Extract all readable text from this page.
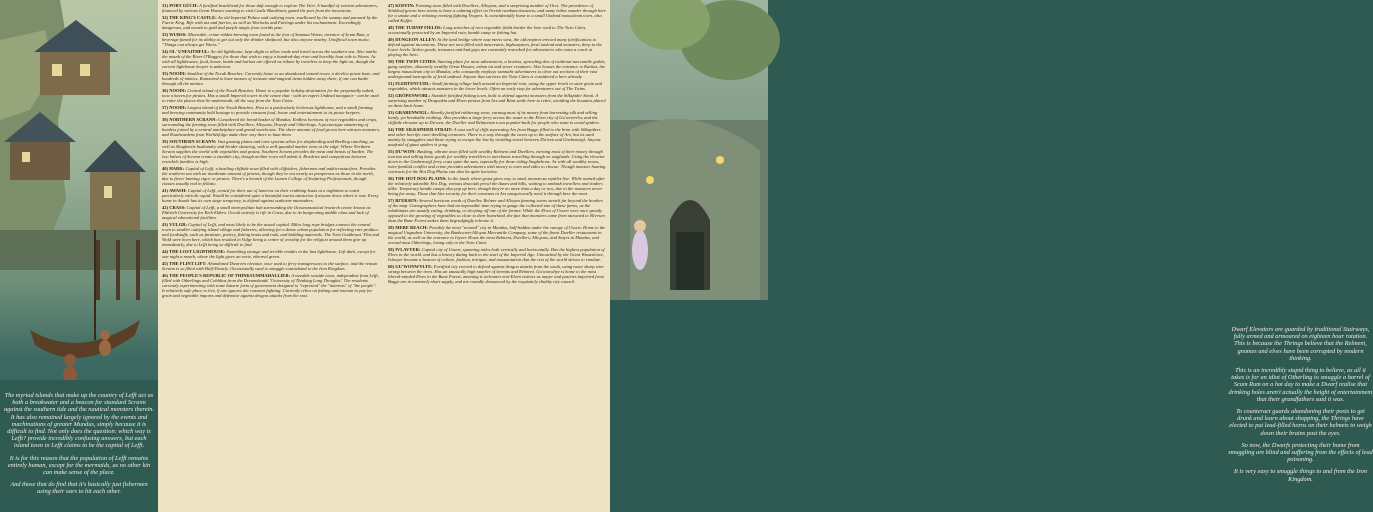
The myriad islands that make up the country of Lefft act as both a breakwater and a beacon for standard Scrann against the southern tide and the nautical monsters therein. It has also remained largely ignored by the events and machinations of greater Mundus, simply because it is difficult to find. Not only does the question: which way is Lefft? provide incredibly confusing answers, but each island town in Lefft claims to be the capital of Lefft.

It is for this reason that the population of Lefft remains entirely human, except for the mermaids, as no other kin can make sense of the place.

And those that do find that it's basically just fishermen using their oars to hit each other.

31) PORT GÜCH: A fortified beachhead for those daft enough to explore The Tsiri. A handful of veteran adventurers, financed by various Great Houses wanting to visit Castle Blackburn, guard the port from the incursions.

32) THE KING'S CASTLE: An old Imperial Palace and outlying town, swallowed by the swamp and pursued by the Faerie King. Rife with tax and faeries, as well as Warlocks and Faelings under his enchantment. Exceedingly dangerous, and awash in gold and purple magic from worlds past.

33) WURSS: Miserable, crime-ridden brewing town found at the foot of Summat Wurss, inventor of Scum Rum, a beverage famed for its ability to get out only the drinker shitfaced, but also anyone nearby. Unofficial town motto: "Things can always get Wurss."

34) OL' UNFAITHFUL: An old lighthouse, kept alight to allow trade and travel across the southern sea. Also marks the mouth of the River O'Boggor, for those that wish to enjoy a hundred-day river and horribly boat ride to Wurss. As with all lighthouses, food, booze, bards and harlots are offered as tribute by travelers to keep the light on, though the current lighthouse keeper is unknown.

35) NOODI: Smallest of the Noodi Beaches. Currently home to an abandoned wizard tower, a derelict pirate base, and hundreds of mimics. Rumoured to have masses of treasure and magical items hidden away there, if one can battle through all the mimics.

36) NOODI: Central island of the Noodi Beaches. Home to a popular holiday destination for the perpetually naked, now a haven for pirates. Has a small Imperial tower in the centre that - with an expert Undead navigator - can be used to enter the places-that-lie-underneath, all the way from the Twin Cities.

37) NOODI: Largest island of the Noodi Beaches. Host to a particularly lecherous lighthouse, and a small farming and brewing community held hostage to provide constant food, booze and entertainment to its pirate keepers.

38) NORTHERN SCRANN: Considered the bread basket of Mundus. Endless horizons of root vegetables and crops, surrounding the farming town filled with Dwellers, Alloyans, Dwarfs and Otherlings. A picturesque smattering of hamlets joined by a central marketplace and grand warehouse. The sheer amount of food grown here attracts monsters, and Roadwardens from Worldsfolgo make their way there to hunt them.

39) SOUTHERN SCRANN: Vast grazing plains and cave systems allow for shepherding and Beelhog ranching, as well as Shagbeetle husbandry and Strider shearing, with a well-guarded market town at the edge. Where Northern Scrann supplies the world with vegetables and grains, Southern Scrann provides the meat and beasts of burden. The two halves of Scrann create a sizeable city, though neither town will admit it. Rivalries and competition between erstwhile families is high.

40) HARK: Capital of Lefft, a bustling clifftide town filled with cliffsiders, fishermen and multicrustacifers. Provides the southern sea with an inordinate amount of pirates, though they've not nearly as prosperous as those in the north, due to fierce hunting vigor or pirates. There's a branch of the Lumen College of Seafaring Professionals, though classes usually end in fellatio.

41) AWASH: Capital of Lefft, rented for their use of lanterns on their crabbing boats at a nighttime to catch particularly vitriolic squid. Would be considered quite a beautiful tourist attraction if anyone knew where it was. Every home in Awash has its own siege weaponry, to defend against seaborne marauders.

42) CRASS: Capital of Lefft, a small metropolitan hub surrounding the Oceanomastical research centre known as Eldritch University for Rich Elders. Occult activity is rife in Crass, due to its burgeoning middle class and lack of magical educational facilities.

43) VULGR: Capital of Lefft, and most likely to be the actual capital. Miles long rope bridges connect the central town to smaller outlying island village and fisheries, allowing for a dense urban population for reflecting rare produce and foodstuffs, such as furniture, pottery, fishing boats and rods, and building materials. The Twin Goddesses' Flat and Wold were born here, which has resulted in Vulgr being a centre of worship for the religion around them give up immediately, due to Lefft being so difficult to find.

44) THE LOST LIGHTHOUSE: Something strange and terrible resides in the last lighthouse. Left dark, except for one night a month, where the light gives an eerie, ethereal green.

45) THE FLINT LIFT: Abandoned Dwarven elevator, once used to ferry transgressors to the surface, and the reason Scrann is so filled with Half-Dwarfs. Occasionally used to smuggle contraband to the Iron Kingdom.

46) THE PEOPLE'S REPUBLIC OF THINKSUMMAHALLIER: A sizeable seaside town, independent from Lefft, filled with Otherlings and Cobblins from the Dreamslands' 'University of Thinking Long Thoughts'. The residents currently experimenting with some bizarre form of government designed to "represent" the "interests" of "the people". It relatively safe place to live, if one ignores the constant fighting. Currently relies on fishing and tourism to pay for grain and vegetable imports and defensive against dragon attacks from the east.

47) KOFFIN: Farming town filled with Dwellers, Alloyans, and a surprising number of Orcs. The prevalence of Stinkleaf grown here seems to have a calming effect on Orcish rambunctiousness, and many tribes wander through here for a smoke and a relaxing evening fighting Trogres. Is coincidentally home to a small Undead mausoleum town, also called Koffin.

48) THE TURNIP FIELDS: Long stretches of root vegetable fields border the lone road to The Twin Cities, occasionally protected by an Imperial ruin, bandit camp or fishing hut.

49) DUNGEON ALLEY: At the land bridge where east meets west, the old empires erected many fortifications to defend against incursions. These are now filled with miscreants, highwaymen, feral undead and monsters, deep in the lower levels. Stolen goods, treasures and bad guys are constantly restocked for adventurers who want a crack at playing the hero.

50) THE TWIN CITIES: Starting place for most adventurers, a lawless, sprawling den of cutthroat mercantile guilds, gang warfare, obscenely wealthy Great Houses, urban tat and sewer creatures. Also houses the entrance to Karkas, the largest mausoleum city in Mundus, who constantly employs wannabe adventurers to clear out sections of their vast underground metropolis of feral undead. Anyone that survives the Twin Cities is considered a hero already.

51) FLERTENCUDL: Small farming village built around an Imperial ruin, using the upper levels to store grain and vegetables, which attracts monsters in the lower levels. Often an early stop for adventurers out of The Twins.

52) GRÖPENWOBL: Sizeable fortified fishing town, built to defend against monsters from the Silkspider Strait. A surprising number of Dragonkin and Elven pirates from Ars and Rims settle here to retire, avoiding the bounties placed on them back home.

53) GRABENWIGL: Heavily fortified rubbering town, earning most of its money from harvesting silk and selling hardy, yet breakable clothing. Also provides a large ferry across the water to the Elven city of Gu'wererrlw, and the clifftide elevator up to Du'wen, the Dweller and Relmerian town popular-built for people who want to avoid spiders.

54) THE SILKSPIDER STRAIT: A vast wall of cliffs seperating Ars from Baggr, filled to the brim with Silkspiders and other horrific cave-dwelling creatures. There is a way through the caves up to the surface of Ars, but its used mainly by smugglers and those trying to escape the law by avoiding travel between Du'wen and Grabenwigl. Anyone unafraid of giant spiders is yong.

55) DU'WON: Bustling, vibrant town filled with wealthy Relmeni and Dwellers, earning most of their money through tourism and selling basic goods for wealthy travellers to merchants travelling through on staglands. Using the elevator down to the Grabenwigl ferry costs quite the sum, especially for those riding Staghebons. As with all wealthy towns, inter-familial conflict and crime provides adventurers with money to earn and sides to choose. Though monster hunting contracts for the Hot Dog Plains can also be quite lucrative.

56) THE HOT DOG PLAINS: In the lands where grass gives way to sand, monstrous reptiles live. While named after the relatively adorable Hot Dog, various dracoids prowl the dunes and hills, waiting to ambush travellers and traders alike. Temporary bandit camps also pop up here, though they're no more than a day or two, due to the monsters never being far away. Those that hire security for their caravans in Ars unequivocally need it through here the most.

57) BI'ERSEN: Several horizons worth of Dweller, Relmer and Alloyan farming towns stretch far beyond the borders of the map. Cartographers have had an impossible time trying to gauge the collected size of these farms, as the inhabitants are usually eating, drinking, or sleeping off one of the former. While the Elves of Ussert were once greatly opposed to the growing of vegetables so close to their homeland, the fact that monsters came from attracted to Bi'ersen than the Bane Forest makes them begrudgingly tolerate it.

58) MERE REACH: Possibly the most "normal" city in Mundus, half-hidden under the canopy of Ussert. Home to the magical Ungsaben University, the Bankocren-Alloyan Mercantile Company, some of the finest Dweller restaurants in the world, as well as the entrance to Ivyeer. Hosts the most Relmeni, Dwellers, Alloyans, and Satyrs in Mundus, and second most Otherlings, losing only to the Twin Cities.

59) IVLAVYER: Capital city of Ussert, spanning miles both vertically and horizontally. Has the highest population of Elves in the world, and has a history dating back to the start of the Imperial Age. Untouched by the Great Wastenlowe, Ivlavyer became a beacon of culture, fashion, intrigue, and assassination that the rest of the world strives to emulate.

60) GU'WONWYLTE: Fortified city erected to defend against dragon attacks from the south, using razor sharp wire strung between the trees. Has an unusually high number of hermits and Relmeni. Gu'wonwltye is home to the most liberal-minded Elves in the Bane Forest, meaning it welcomes non-Elven visitors as mayer and pastries imported from Baggr are in extremely short supply, and are roundly denounced by the exquisitely chubby city council.

Dwarf Elevators are guarded by traditional Stairways, fully armed and armoured on eighteen hour rotation. This is because the Thrings believe that the Relmeni, gnomes and elves have been corrupted by modern thinking.

This is an incredibly stupid thing to believe, as all it takes is for an idiot of Otherling to smuggle a barrel of Scum Rum on a hot day to make a Dwarf realise that drinking holes aren't actually the height of entertainment that their grandfathers said it was.

To counteract guards abandoning their posts to get drunk and learn about shopping, the Thrings have elected to put lead-filled horns on their helmets to weigh down their brains past the eyes.

So now, the Dwarfs protecting their home from smuggling are blind and suffering from the effects of lead poisoning.

It is very easy to smuggle things to and from the Iron Kingdom.
